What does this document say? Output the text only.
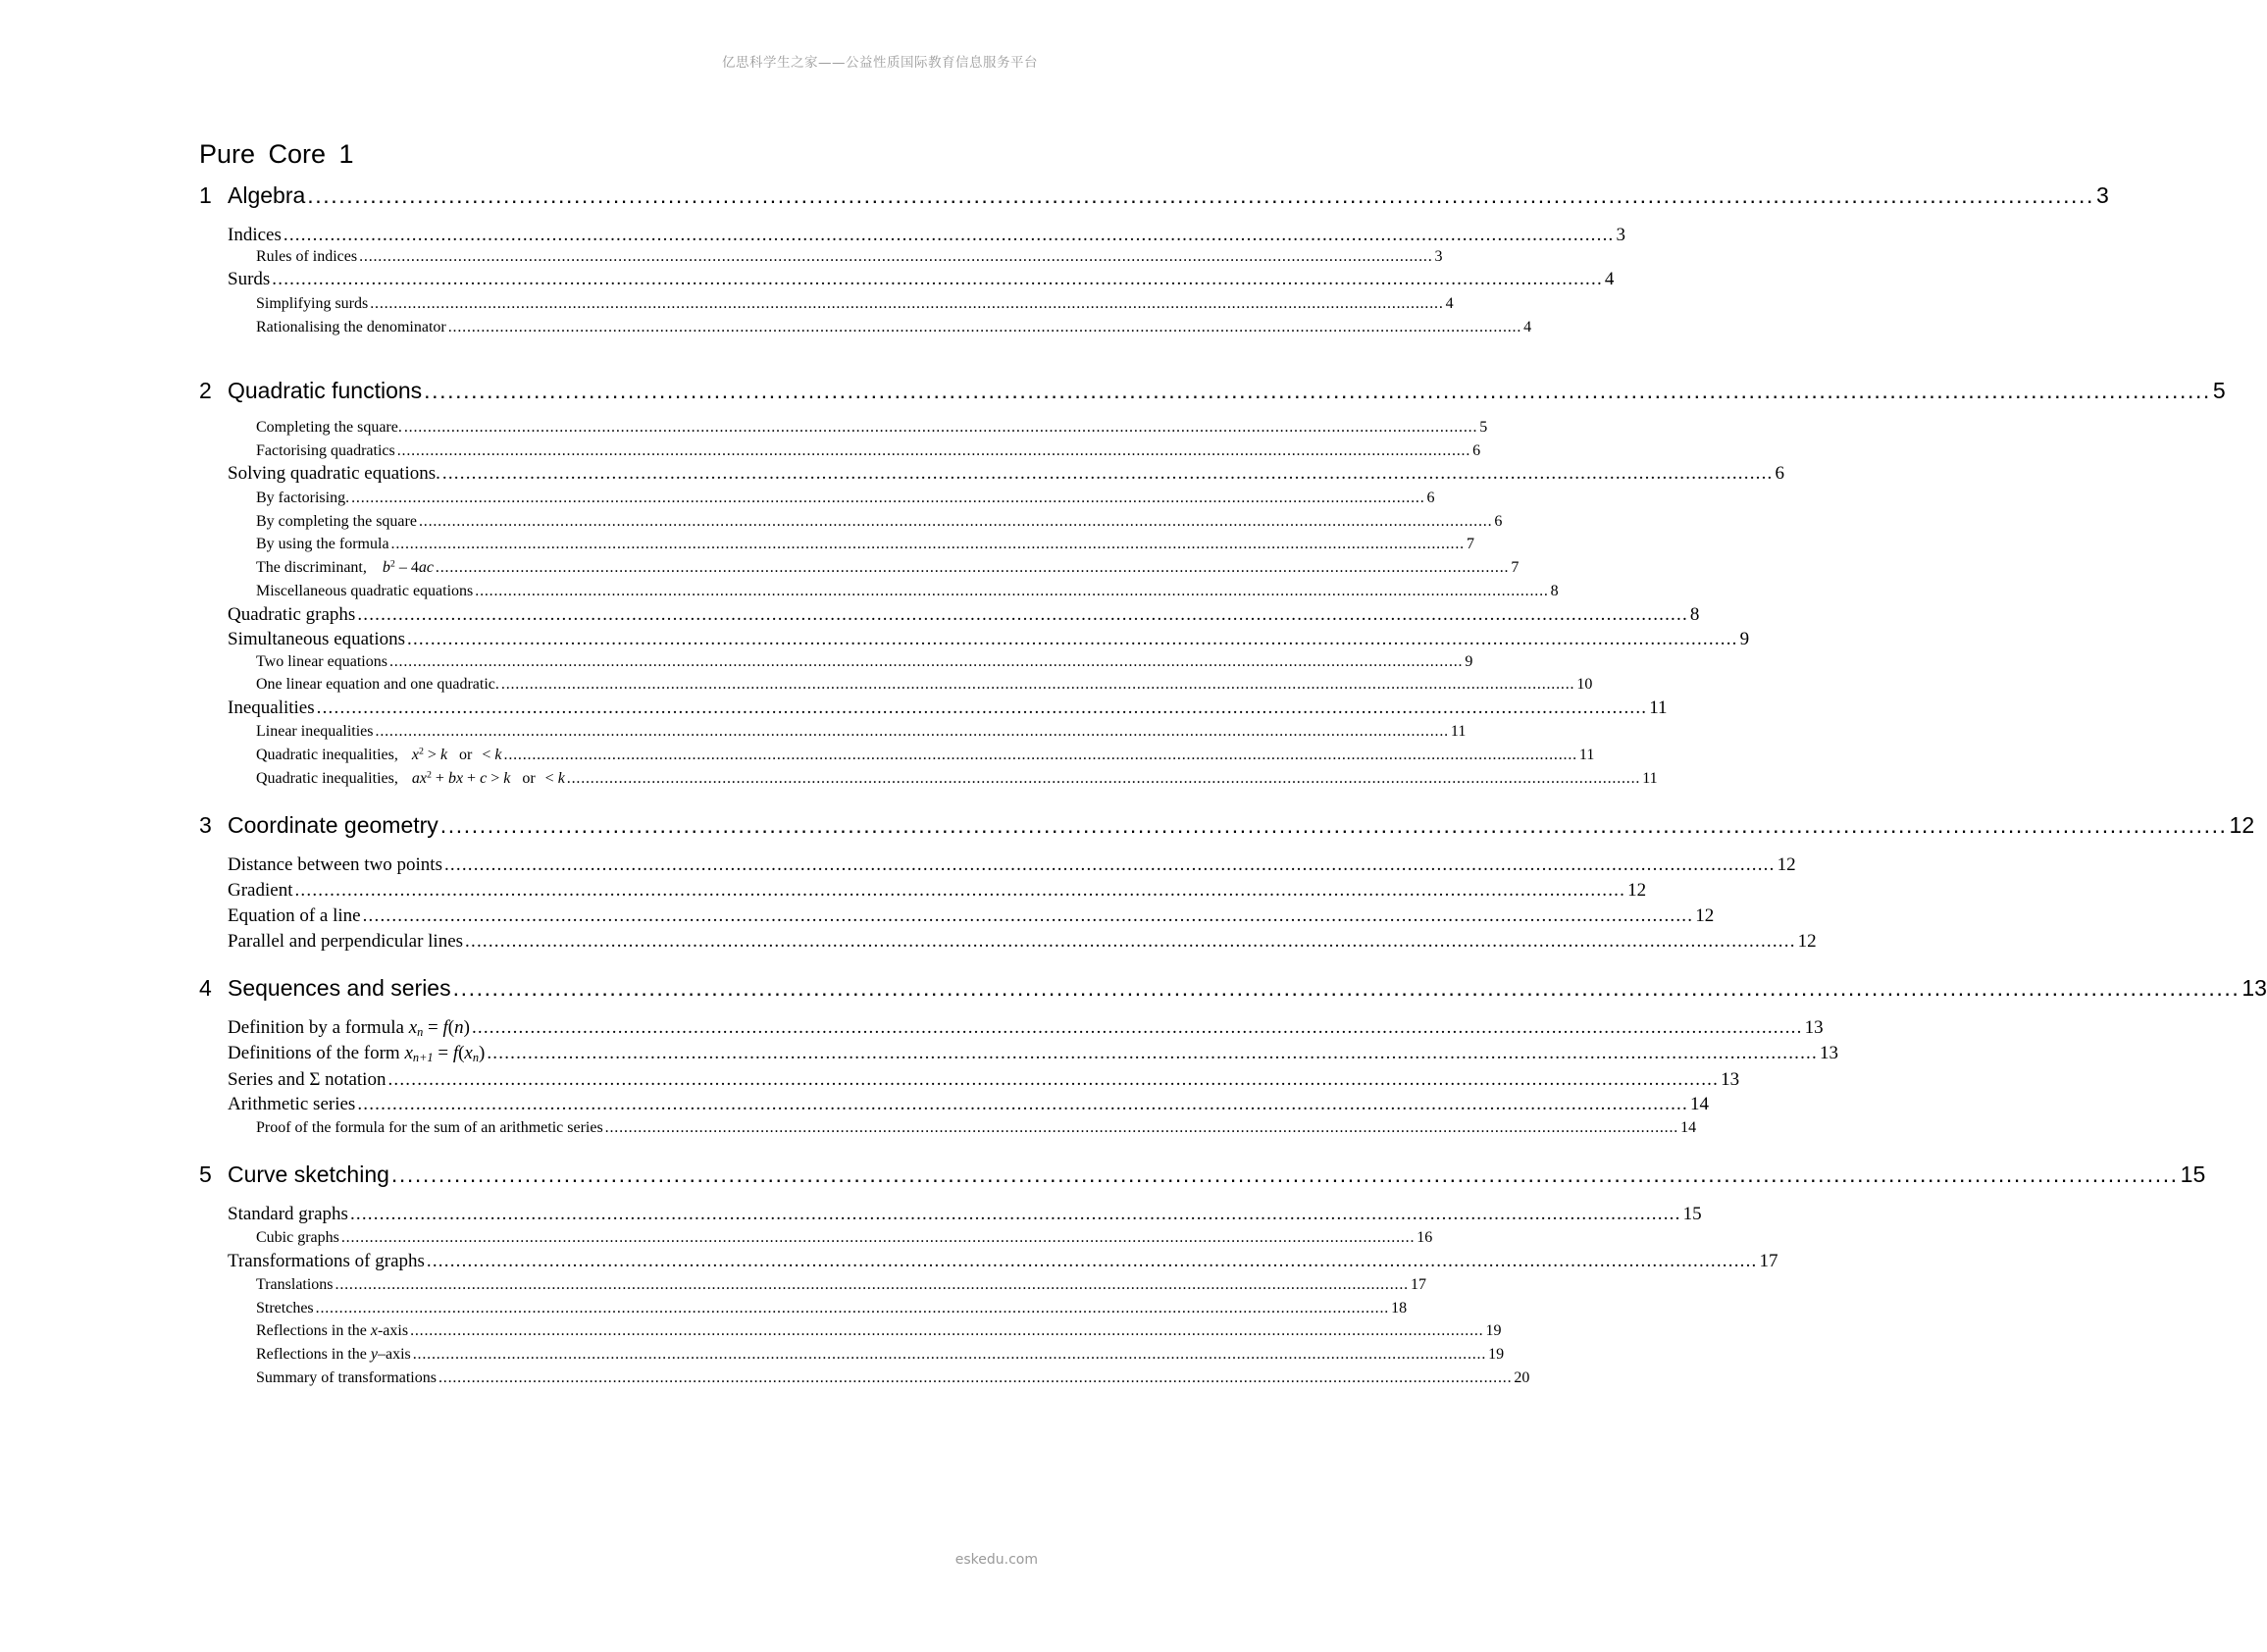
亿思科学生之家——公益性质国际教育信息服务平台
Pure Core 1
1 Algebra .................................................................................................................................................................................................................................... 3
Indices .................................................................................................................................................................................................................................... 3
Rules of indices .................................................................................................................................................................................................................................... 3
Surds .................................................................................................................................................................................................................................... 4
Simplifying surds .................................................................................................................................................................................................................................... 4
Rationalising the denominator .................................................................................................................................................................................................................................... 4
2 Quadratic functions .................................................................................................................................................................................................................................... 5
Completing the square. .................................................................................................................................................................................................................................... 5
Factorising quadratics .................................................................................................................................................................................................................................... 6
Solving quadratic equations. .................................................................................................................................................................................................................................... 6
By factorising. .................................................................................................................................................................................................................................... 6
By completing the square .................................................................................................................................................................................................................................... 6
By using the formula .................................................................................................................................................................................................................................... 7
The discriminant, $b^2 - 4ac$ .................................................................................................................................................................................................................................... 7
Miscellaneous quadratic equations .................................................................................................................................................................................................................................... 8
Quadratic graphs .................................................................................................................................................................................................................................... 8
Simultaneous equations .................................................................................................................................................................................................................................... 9
Two linear equations .................................................................................................................................................................................................................................... 9
One linear equation and one quadratic. .................................................................................................................................................................................................................................... 10
Inequalities .................................................................................................................................................................................................................................... 11
Linear inequalities .................................................................................................................................................................................................................................... 11
Quadratic inequalities, $x^2 > k$ or < k .................................................................................................................................................................................................................................... 11
Quadratic inequalities, $ax^2$ + bx + c > k or < k .................................................................................................................................................................................................................................... 11
3 Coordinate geometry .................................................................................................................................................................................................................................... 12
Distance between two points .................................................................................................................................................................................................................................... 12
Gradient .................................................................................................................................................................................................................................... 12
Equation of a line .................................................................................................................................................................................................................................... 12
Parallel and perpendicular lines .................................................................................................................................................................................................................................... 12
4 Sequences and series .................................................................................................................................................................................................................................... 13
Definition by a formula $x_n = f(n)$ .................................................................................................................................................................................................................................... 13
Definitions of the form $x_{n+1} = f(x_n)$ .................................................................................................................................................................................................................................... 13
Series and Σ notation .................................................................................................................................................................................................................................... 13
Arithmetic series .................................................................................................................................................................................................................................... 14
Proof of the formula for the sum of an arithmetic series .................................................................................................................................................................................................................................... 14
5 Curve sketching .................................................................................................................................................................................................................................... 15
Standard graphs .................................................................................................................................................................................................................................... 15
Cubic graphs .................................................................................................................................................................................................................................... 16
Transformations of graphs .................................................................................................................................................................................................................................... 17
Translations .................................................................................................................................................................................................................................... 17
Stretches .................................................................................................................................................................................................................................... 18
Reflections in the x-axis .................................................................................................................................................................................................................................... 19
Reflections in the y–axis .................................................................................................................................................................................................................................... 19
Summary of transformations .................................................................................................................................................................................................................................... 20
eskedu.com
